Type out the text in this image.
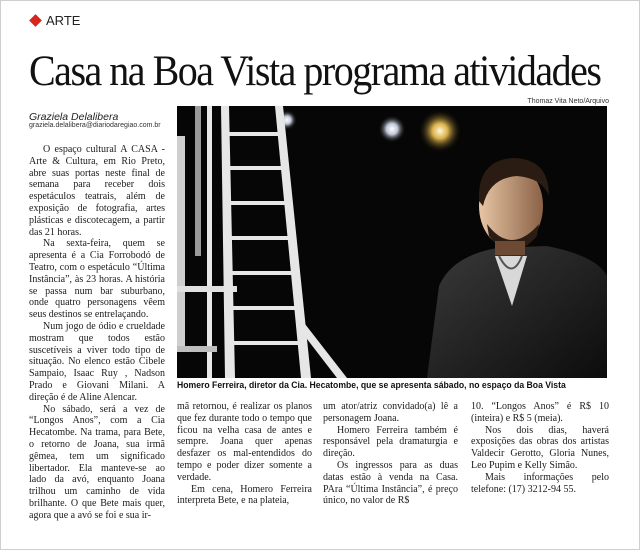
ARTE
Casa na Boa Vista programa atividades
Thomaz Vita Neto/Arquivo
Graziela Delalibera
graziela.delalibera@diariodaregiao.com.br
Homero Ferreira, diretor da Cia. Hecatombe, que se apresenta sábado, no espaço da Boa Vista

O espaço cultural A CASA - Arte & Cultura, em Rio Preto, abre suas portas neste final de semana para receber dois espetáculos teatrais, além de exposição de fotografia, artes plásticas e discotecagem, a partir das 21 horas.

Na sexta-feira, quem se apresenta é a Cia Forrobodó de Teatro, com o espetáculo “Última Instância”, às 23 horas. A história se passa num bar suburbano, onde quatro personagens vêem seus destinos se entrelaçando.

Num jogo de ódio e crueldade mostram que todos estão suscetíveis a viver todo tipo de situação. No elenco estão Cibele Sampaio, Isaac Ruy , Nadson Prado e Giovani Milani. A direção é de Aline Alencar.

No sábado, será a vez de “Longos Anos”, com a Cia Hecatombe. Na trama, para Bete, o retorno de Joana, sua irmã gêmea, tem um significado libertador. Ela manteve-se ao lado da avó, enquanto Joana trilhou um caminho de vida brilhante. O que Bete mais quer, agora que a avó se foi e sua ir-

mã retornou, é realizar os planos que fez durante todo o tempo que ficou na velha casa de antes e sempre. Joana quer apenas desfazer os mal-entendidos do tempo e poder dizer somente a verdade.

Em cena, Homero Ferreira interpreta Bete, e na plateia,

um ator/atriz convidado(a) lê a personagem Joana.

Homero Ferreira também é responsável pela dramaturgia e direção.

Os ingressos para as duas datas estão à venda na Casa. PAra “Última Instância”, é preço único, no valor de R$

10. “Longos Anos” é R$ 10 (inteira) e R$ 5 (meia).

Nos dois dias, haverá exposições das obras dos artistas Valdecir Gerotto, Gloria Nunes, Leo Pupim e Kelly Simão.

Mais informações pelo telefone: (17) 3212-94 55.
